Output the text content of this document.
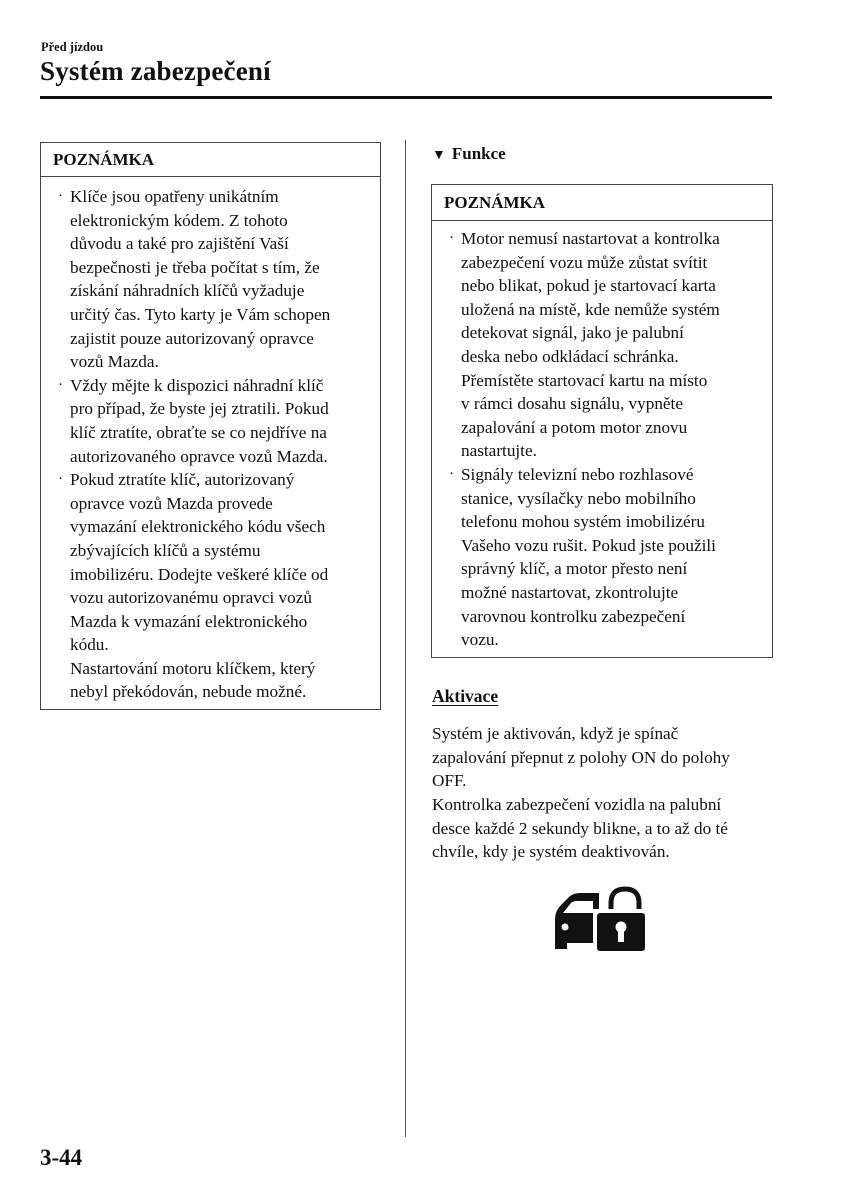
Před jízdou
Systém zabezpečení
POZNÁMKA
· Klíče jsou opatřeny unikátním
elektronickým kódem. Z tohoto
důvodu a také pro zajištění Vaší
bezpečnosti je třeba počítat s tím, že
získání náhradních klíčů vyžaduje
určitý čas. Tyto karty je Vám schopen
zajistit pouze autorizovaný opravce
vozů Mazda.
· Vždy mějte k dispozici náhradní klíč
pro případ, že byste jej ztratili. Pokud
klíč ztratíte, obraťte se co nejdříve na
autorizovaného opravce vozů Mazda.
· Pokud ztratíte klíč, autorizovaný
opravce vozů Mazda provede
vymazání elektronického kódu všech
zbývajících klíčů a systému
imobilizéru. Dodejte veškeré klíče od
vozu autorizovanému opravci vozů
Mazda k vymazání elektronického
kódu.
Nastartování motoru klíčkem, který
nebyl překódován, nebude možné.
▼ Funkce
POZNÁMKA
· Motor nemusí nastartovat a kontrolka
zabezpečení vozu může zůstat svítit
nebo blikat, pokud je startovací karta
uložená na místě, kde nemůže systém
detekovat signál, jako je palubní
deska nebo odkládací schránka.
Přemístěte startovací kartu na místo
v rámci dosahu signálu, vypněte
zapalování a potom motor znovu
nastartujte.
· Signály televizní nebo rozhlasové
stanice, vysílačky nebo mobilního
telefonu mohou systém imobilizéru
Vašeho vozu rušit. Pokud jste použili
správný klíč, a motor přesto není
možné nastartovat, zkontrolujte
varovnou kontrolku zabezpečení
vozu.
Aktivace
Systém je aktivován, když je spínač
zapalování přepnut z polohy ON do polohy
OFF.
Kontrolka zabezpečení vozidla na palubní
desce každé 2 sekundy blikne, a to až do té
chvíle, kdy je systém deaktivován.
3-44
